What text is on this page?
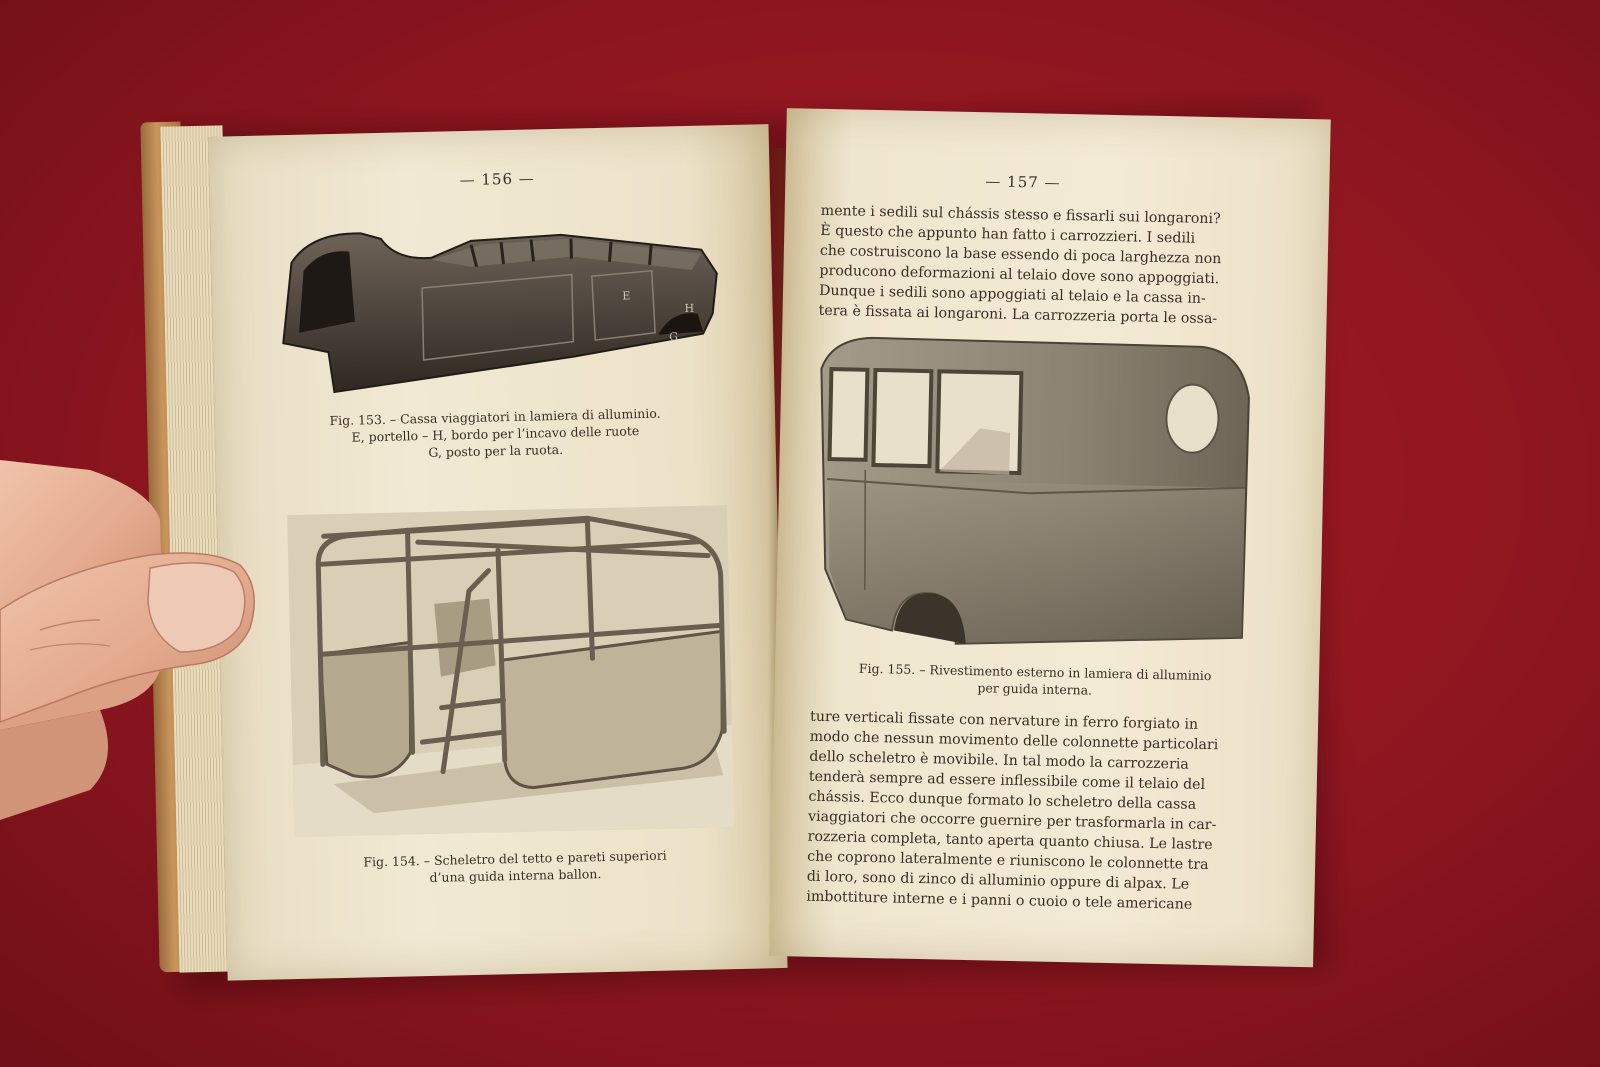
— 156 —
E
H
G
Fig. 153. – Cassa viaggiatori in lamiera di alluminio.
E, portello – H, bordo per l’incavo delle ruote
G, posto per la ruota.
Fig. 154. – Scheletro del tetto e pareti superiori
d’una guida interna ballon.
— 157 —
mente i sedili sul chássis stesso e fissarli sui longaroni?
È questo che appunto han fatto i carrozzieri. I sedili
che costruiscono la base essendo di poca larghezza non
producono deformazioni al telaio dove sono appoggiati.
Dunque i sedili sono appoggiati al telaio e la cassa in-
tera è fissata ai longaroni. La carrozzeria porta le ossa-
Fig. 155. – Rivestimento esterno in lamiera di alluminio
per guida interna.
ture verticali fissate con nervature in ferro forgiato in
modo che nessun movimento delle colonnette particolari
dello scheletro è movibile. In tal modo la carrozzeria
tenderà sempre ad essere inflessibile come il telaio del
chássis. Ecco dunque formato lo scheletro della cassa
viaggiatori che occorre guernire per trasformarla in car-
rozzeria completa, tanto aperta quanto chiusa. Le lastre
che coprono lateralmente e riuniscono le colonnette tra
di loro, sono di zinco di alluminio oppure di alpax. Le
imbottiture interne e i panni o cuoio o tele americane
